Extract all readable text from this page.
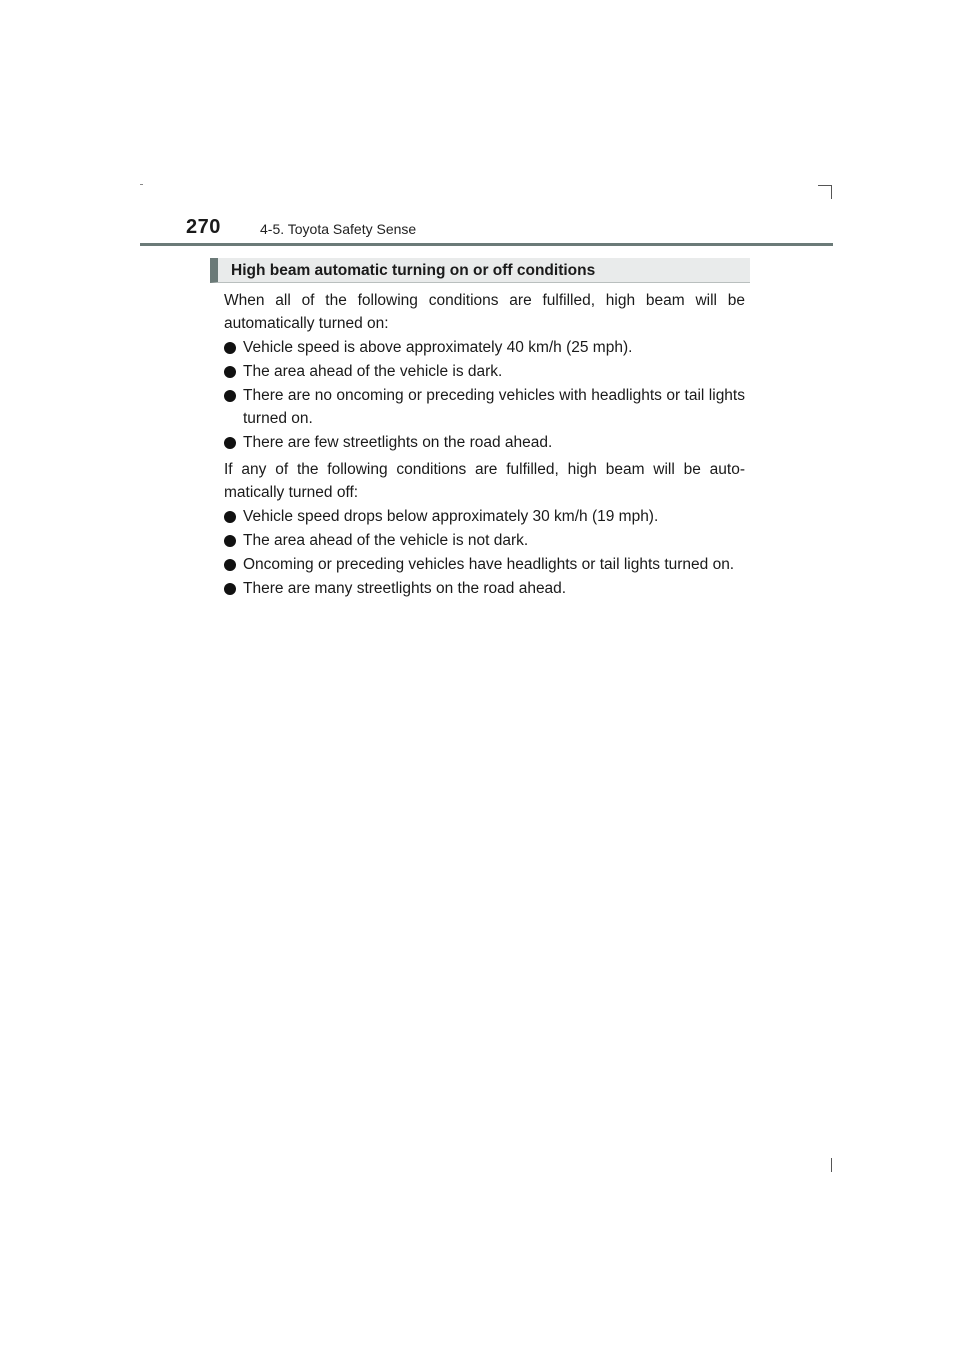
270	4-5. Toyota Safety Sense
High beam automatic turning on or off conditions

When all of the following conditions are fulfilled, high beam will be automatically turned on:

Vehicle speed is above approximately 40 km/h (25 mph).
The area ahead of the vehicle is dark.
There are no oncoming or preceding vehicles with headlights or tail lights turned on.
There are few streetlights on the road ahead.

If any of the following conditions are fulfilled, high beam will be auto-matically turned off:

Vehicle speed drops below approximately 30 km/h (19 mph).
The area ahead of the vehicle is not dark.
Oncoming or preceding vehicles have headlights or tail lights turned on.
There are many streetlights on the road ahead.
